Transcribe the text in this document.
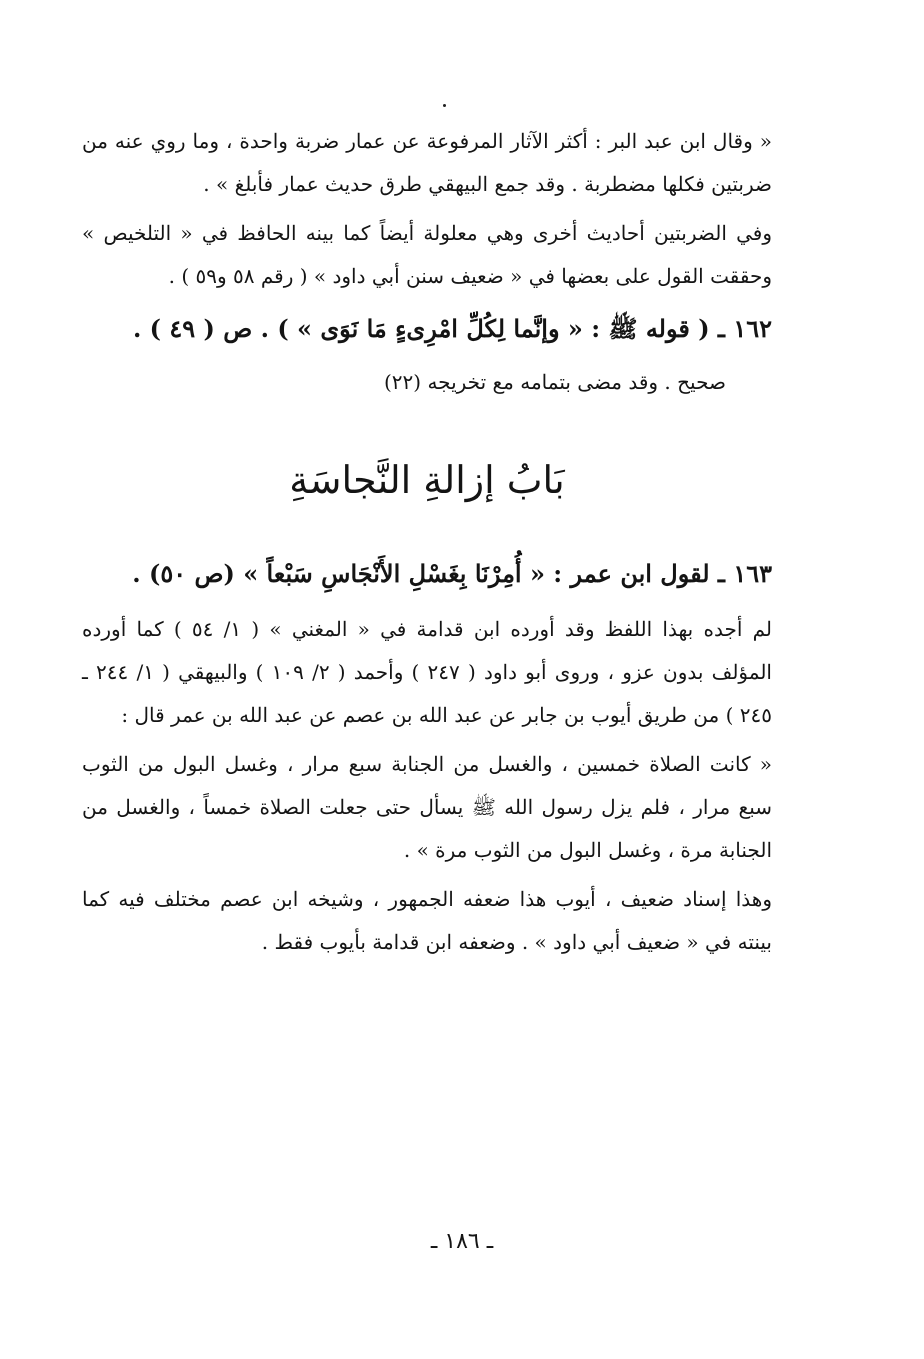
« وقال ابن عبد البر : أكثر الآثار المرفوعة عن عمار ضربة واحدة ، وما روي عنه من ضربتين فكلها مضطربة . وقد جمع البيهقي طرق حديث عمار فأبلغ » .

وفي الضربتين أحاديث أخرى وهي معلولة أيضاً كما بينه الحافظ في « التلخيص » وحققت القول على بعضها في « ضعيف سنن أبي داود » ( رقم ٥٨ و٥٩ ) .

١٦٢ ـ ( قوله ﷺ : « وإنَّما لِكُلِّ امْرِىءٍ مَا نَوَى » ) . ص ( ٤٩ ) .

صحيح . وقد مضى بتمامه مع تخريجه (٢٢)

بَابُ إزالةِ النَّجاسَةِ

١٦٣ ـ لقول ابن عمر : « أُمِرْنَا بِغَسْلِ الأَنْجَاسِ سَبْعاً » (ص ٥٠) .

لم أجده بهذا اللفظ وقد أورده ابن قدامة في « المغني » ( ١/ ٥٤ ) كما أورده المؤلف بدون عزو ، وروى أبو داود ( ٢٤٧ ) وأحمد ( ٢/ ١٠٩ ) والبيهقي ( ١/ ٢٤٤ ـ ٢٤٥ ) من طريق أيوب بن جابر عن عبد الله بن عصم عن عبد الله بن عمر قال :

« كانت الصلاة خمسين ، والغسل من الجنابة سبع مرار ، وغسل البول من الثوب سبع مرار ، فلم يزل رسول الله ﷺ يسأل حتى جعلت الصلاة خمساً ، والغسل من الجنابة مرة ، وغسل البول من الثوب مرة » .

وهذا إسناد ضعيف ، أيوب هذا ضعفه الجمهور ، وشيخه ابن عصم مختلف فيه كما بينته في « ضعيف أبي داود » . وضعفه ابن قدامة بأيوب فقط .

ـ ١٨٦ ـ
